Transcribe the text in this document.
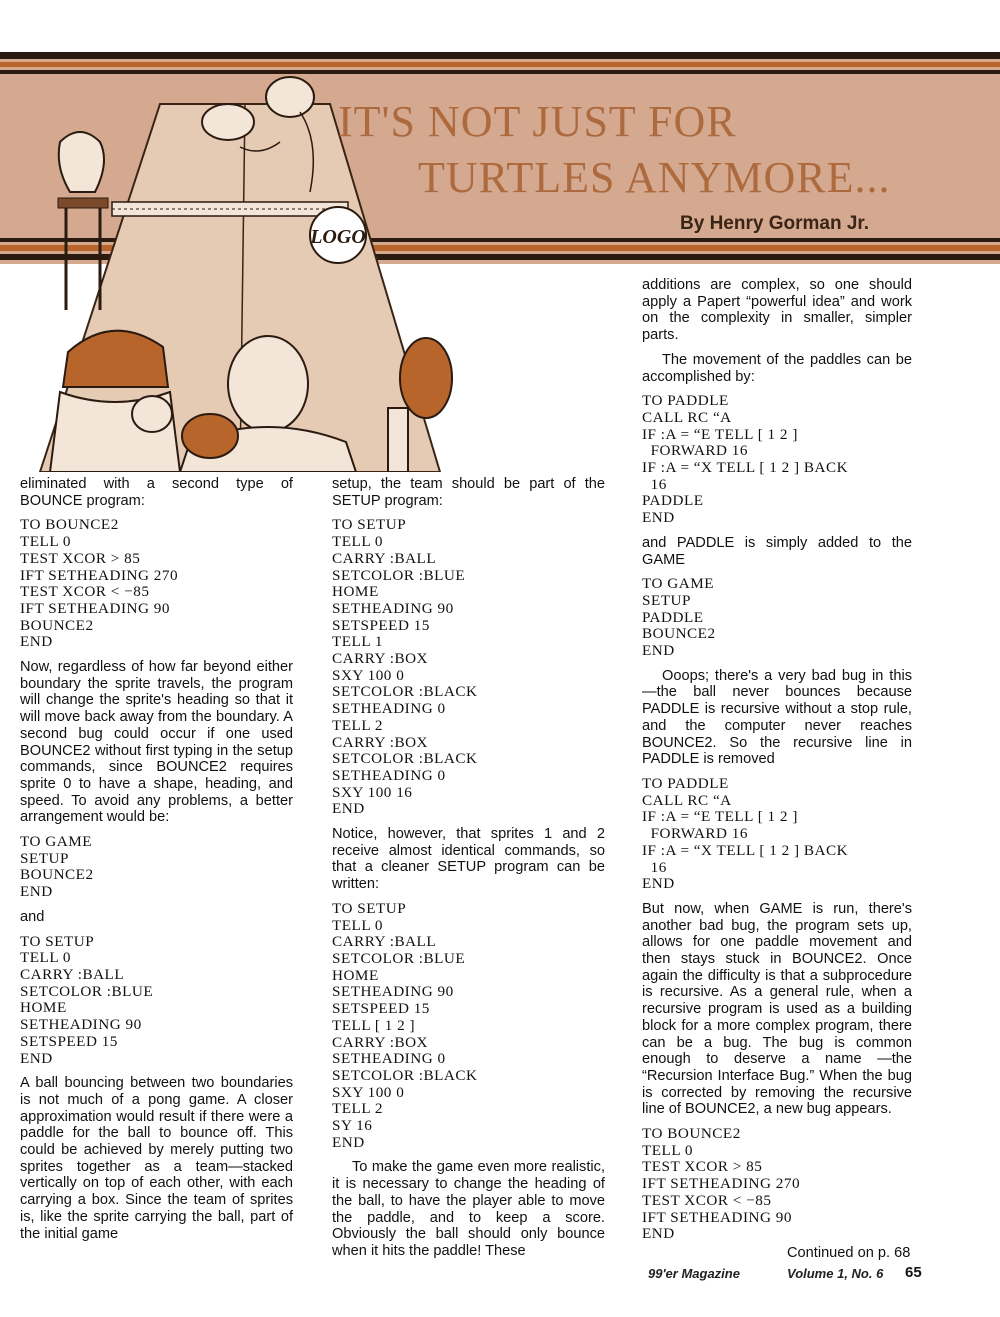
LOGO
IT'S NOT JUST FOR
TURTLES ANYMORE...

By Henry Gorman Jr.

eliminated with a second type of BOUNCE program:

TO BOUNCE2
TELL 0
TEST XCOR > 85
IFT SETHEADING 270
TEST XCOR < −85
IFT SETHEADING 90
BOUNCE2
END

Now, regardless of how far beyond either boundary the sprite travels, the program will change the sprite's heading so that it will move back away from the boundary. A second bug could occur if one used BOUNCE2 without first typing in the setup commands, since BOUNCE2 requires sprite 0 to have a shape, heading, and speed. To avoid any problems, a better arrangement would be:

TO GAME
SETUP
BOUNCE2
END

and

TO SETUP
TELL 0
CARRY :BALL
SETCOLOR :BLUE
HOME
SETHEADING 90
SETSPEED 15
END

A ball bouncing between two boundaries is not much of a pong game. A closer approximation would result if there were a paddle for the ball to bounce off. This could be achieved by merely putting two sprites together as a team—stacked vertically on top of each other, with each carrying a box. Since the team of sprites is, like the sprite carrying the ball, part of the initial game

setup, the team should be part of the SETUP program:

TO SETUP
TELL 0
CARRY :BALL
SETCOLOR :BLUE
HOME
SETHEADING 90
SETSPEED 15
TELL 1
CARRY :BOX
SXY 100 0
SETCOLOR :BLACK
SETHEADING 0
TELL 2
CARRY :BOX
SETCOLOR :BLACK
SETHEADING 0
SXY 100 16
END

Notice, however, that sprites 1 and 2 receive almost identical commands, so that a cleaner SETUP program can be written:

TO SETUP
TELL 0
CARRY :BALL
SETCOLOR :BLUE
HOME
SETHEADING 90
SETSPEED 15
TELL [ 1 2 ]
CARRY :BOX
SETHEADING 0
SETCOLOR :BLACK
SXY 100 0
TELL 2
SY 16
END

To make the game even more realistic, it is necessary to change the heading of the ball, to have the player able to move the paddle, and to keep a score. Obviously the ball should only bounce when it hits the paddle! These

additions are complex, so one should apply a Papert “powerful idea” and work on the complexity in smaller, simpler parts.

The movement of the paddles can be accomplished by:

TO PADDLE
CALL RC “A
IF :A = “E TELL [ 1 2 ]
FORWARD 16
IF :A = “X TELL [ 1 2 ] BACK
16
PADDLE
END

and PADDLE is simply added to the GAME

TO GAME
SETUP
PADDLE
BOUNCE2
END

Ooops; there's a very bad bug in this—the ball never bounces because PADDLE is recursive without a stop rule, and the computer never reaches BOUNCE2. So the recursive line in PADDLE is removed

TO PADDLE
CALL RC “A
IF :A = “E TELL [ 1 2 ]
FORWARD 16
IF :A = “X TELL [ 1 2 ] BACK
16
END

But now, when GAME is run, there's another bad bug, the program sets up, allows for one paddle movement and then stays stuck in BOUNCE2. Once again the difficulty is that a subprocedure is recursive. As a general rule, when a recursive program is used as a building block for a more complex program, there can be a bug. The bug is common enough to deserve a name —the “Recursion Interface Bug.” When the bug is corrected by removing the recursive line of BOUNCE2, a new bug appears.

TO BOUNCE2
TELL 0
TEST XCOR > 85
IFT SETHEADING 270
TEST XCOR < −85
IFT SETHEADING 90
END
Continued on p. 68
99'er Magazine	Volume 1, No. 6 65
